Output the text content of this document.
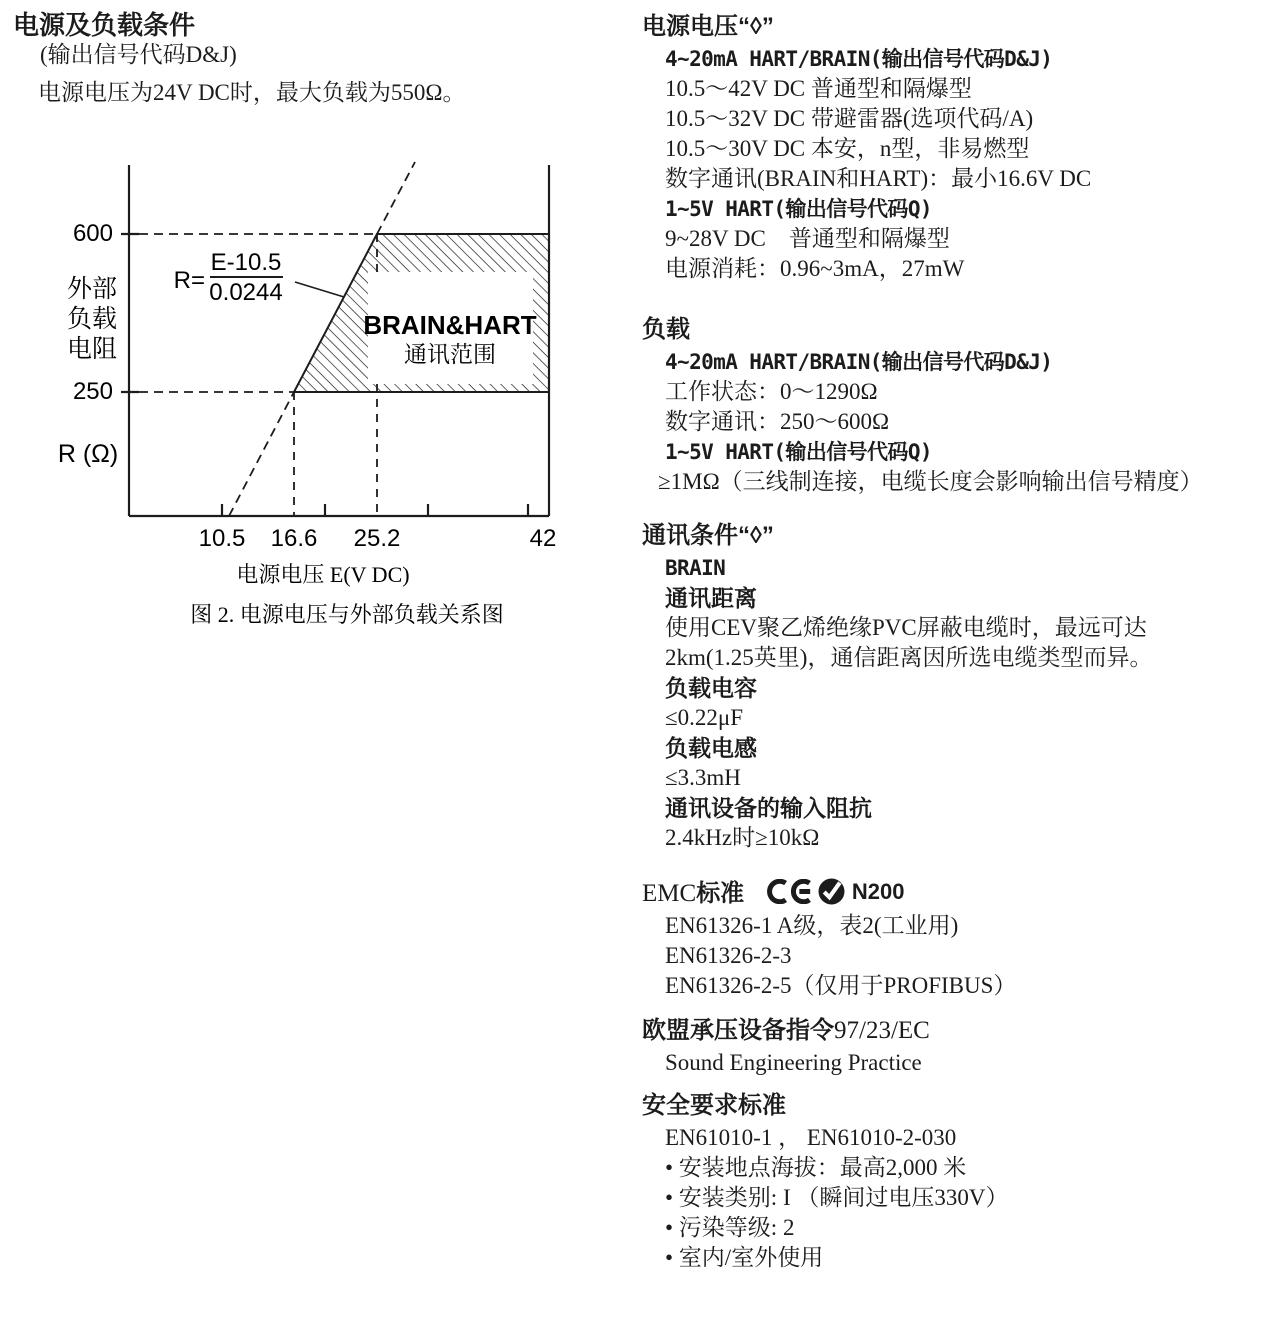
电源及负载条件
(输出信号代码D&J)
电源电压为24V DC时，最大负载为550Ω。
BRAIN&HART
通讯范围
R=
E-10.5
0.0244
600
250
外部
负载
电阻
R (Ω)
10.5 16.6 25.2	42
电源电压 E(V DC)
图 2. 电源电压与外部负载关系图
电源电压“◊”
4~20mA HART/BRAIN(输出信号代码D&J)
10.5～42V DC 普通型和隔爆型
10.5～32V DC 带避雷器(选项代码/A)
10.5～30V DC 本安，n型，非易燃型
数字通讯(BRAIN和HART)：最小16.6V DC
1~5V HART(输出信号代码Q)
9~28V DC　普通型和隔爆型
电源消耗：0.96~3mA，27mW
负载
4~20mA HART/BRAIN(输出信号代码D&J)
工作状态：0～1290Ω
数字通讯：250～600Ω
1~5V HART(输出信号代码Q)
≥1MΩ（三线制连接，电缆长度会影响输出信号精度）
通讯条件“◊”
BRAIN
通讯距离
使用CEV聚乙烯绝缘PVC屏蔽电缆时，最远可达
2km(1.25英里)，通信距离因所选电缆类型而异。
负载电容
≤0.22μF
负载电感
≤3.3mH
通讯设备的输入阻抗
2.4kHz时≥10kΩ
EMC标准	N200
EN61326-1 A级，表2(工业用)
EN61326-2-3
EN61326-2-5（仅用于PROFIBUS）
欧盟承压设备指令97/23/EC
Sound Engineering Practice
安全要求标准
EN61010-1 ， EN61010-2-030
• 安装地点海拔：最高2,000 米
• 安装类别: I （瞬间过电压330V）
• 污染等级: 2
• 室内/室外使用
